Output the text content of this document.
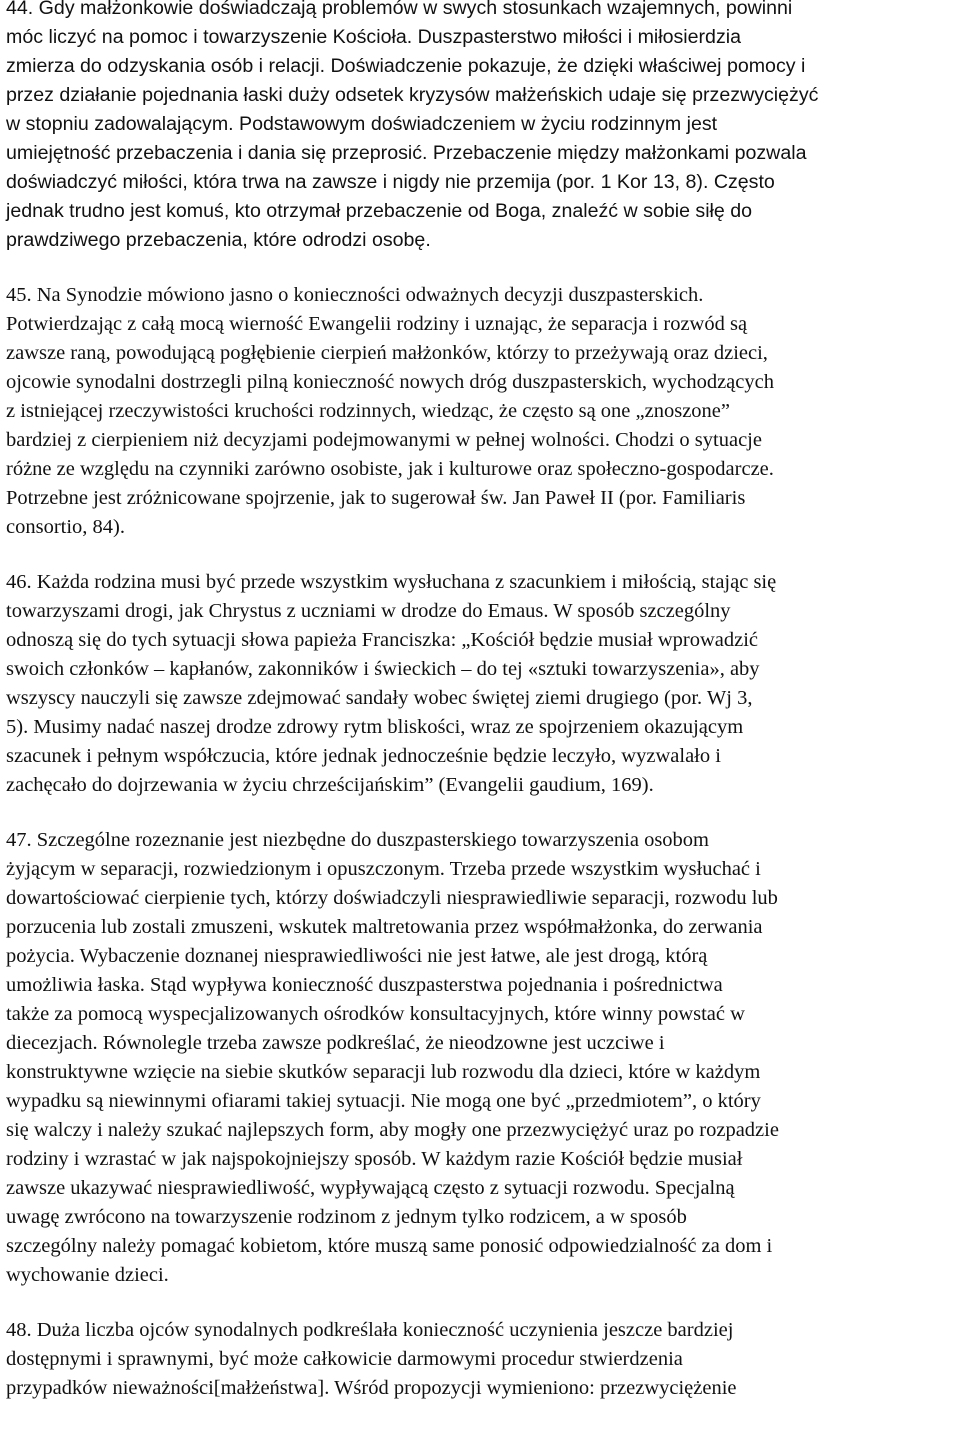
44. Gdy małżonkowie doświadczają problemów w swych stosunkach wzajemnych, powinni
móc liczyć na pomoc i towarzyszenie Kościoła. Duszpasterstwo miłości i miłosierdzia
zmierza do odzyskania osób i relacji. Doświadczenie pokazuje, że dzięki właściwej pomocy i
przez działanie pojednania łaski duży odsetek kryzysów małżeńskich udaje się przezwyciężyć
w stopniu zadowalającym. Podstawowym doświadczeniem w życiu rodzinnym jest
umiejętność przebaczenia i dania się przeprosić. Przebaczenie między małżonkami pozwala
doświadczyć miłości, która trwa na zawsze i nigdy nie przemija (por. 1 Kor 13, 8). Często
jednak trudno jest komuś, kto otrzymał przebaczenie od Boga, znaleźć w sobie siłę do
prawdziwego przebaczenia, które odrodzi osobę.

45. Na Synodzie mówiono jasno o konieczności odważnych decyzji duszpasterskich.
Potwierdzając z całą mocą wierność Ewangelii rodziny i uznając, że separacja i rozwód są
zawsze raną, powodującą pogłębienie cierpień małżonków, którzy to przeżywają oraz dzieci,
ojcowie synodalni dostrzegli pilną konieczność nowych dróg duszpasterskich, wychodzących
z istniejącej rzeczywistości kruchości rodzinnych, wiedząc, że często są one „znoszone”
bardziej z cierpieniem niż decyzjami podejmowanymi w pełnej wolności. Chodzi o sytuacje
różne ze względu na czynniki zarówno osobiste, jak i kulturowe oraz społeczno-gospodarcze.
Potrzebne jest zróżnicowane spojrzenie, jak to sugerował św. Jan Paweł II (por. Familiaris
consortio, 84).

46. Każda rodzina musi być przede wszystkim wysłuchana z szacunkiem i miłością, stając się
towarzyszami drogi, jak Chrystus z uczniami w drodze do Emaus. W sposób szczególny
odnoszą się do tych sytuacji słowa papieża Franciszka: „Kościół będzie musiał wprowadzić
swoich członków – kapłanów, zakonników i świeckich – do tej «sztuki towarzyszenia», aby
wszyscy nauczyli się zawsze zdejmować sandały wobec świętej ziemi drugiego (por. Wj 3,
5). Musimy nadać naszej drodze zdrowy rytm bliskości, wraz ze spojrzeniem okazującym
szacunek i pełnym współczucia, które jednak jednocześnie będzie leczyło, wyzwalało i
zachęcało do dojrzewania w życiu chrześcijańskim” (Evangelii gaudium, 169).

47. Szczególne rozeznanie jest niezbędne do duszpasterskiego towarzyszenia osobom
żyjącym w separacji, rozwiedzionym i opuszczonym. Trzeba przede wszystkim wysłuchać i
dowartościować cierpienie tych, którzy doświadczyli niesprawiedliwie separacji, rozwodu lub
porzucenia lub zostali zmuszeni, wskutek maltretowania przez współmałżonka, do zerwania
pożycia. Wybaczenie doznanej niesprawiedliwości nie jest łatwe, ale jest drogą, którą
umożliwia łaska. Stąd wypływa konieczność duszpasterstwa pojednania i pośrednictwa
także za pomocą wyspecjalizowanych ośrodków konsultacyjnych, które winny powstać w
diecezjach. Równolegle trzeba zawsze podkreślać, że nieodzowne jest uczciwe i
konstruktywne wzięcie na siebie skutków separacji lub rozwodu dla dzieci, które w każdym
wypadku są niewinnymi ofiarami takiej sytuacji. Nie mogą one być „przedmiotem”, o który
się walczy i należy szukać najlepszych form, aby mogły one przezwyciężyć uraz po rozpadzie
rodziny i wzrastać w jak najspokojniejszy sposób. W każdym razie Kościół będzie musiał
zawsze ukazywać niesprawiedliwość, wypływającą często z sytuacji rozwodu. Specjalną
uwagę zwrócono na towarzyszenie rodzinom z jednym tylko rodzicem, a w sposób
szczególny należy pomagać kobietom, które muszą same ponosić odpowiedzialność za dom i
wychowanie dzieci.

48. Duża liczba ojców synodalnych podkreślała konieczność uczynienia jeszcze bardziej
dostępnymi i sprawnymi, być może całkowicie darmowymi procedur stwierdzenia
przypadków nieważności[małżeństwa]. Wśród propozycji wymieniono: przezwyciężenie
